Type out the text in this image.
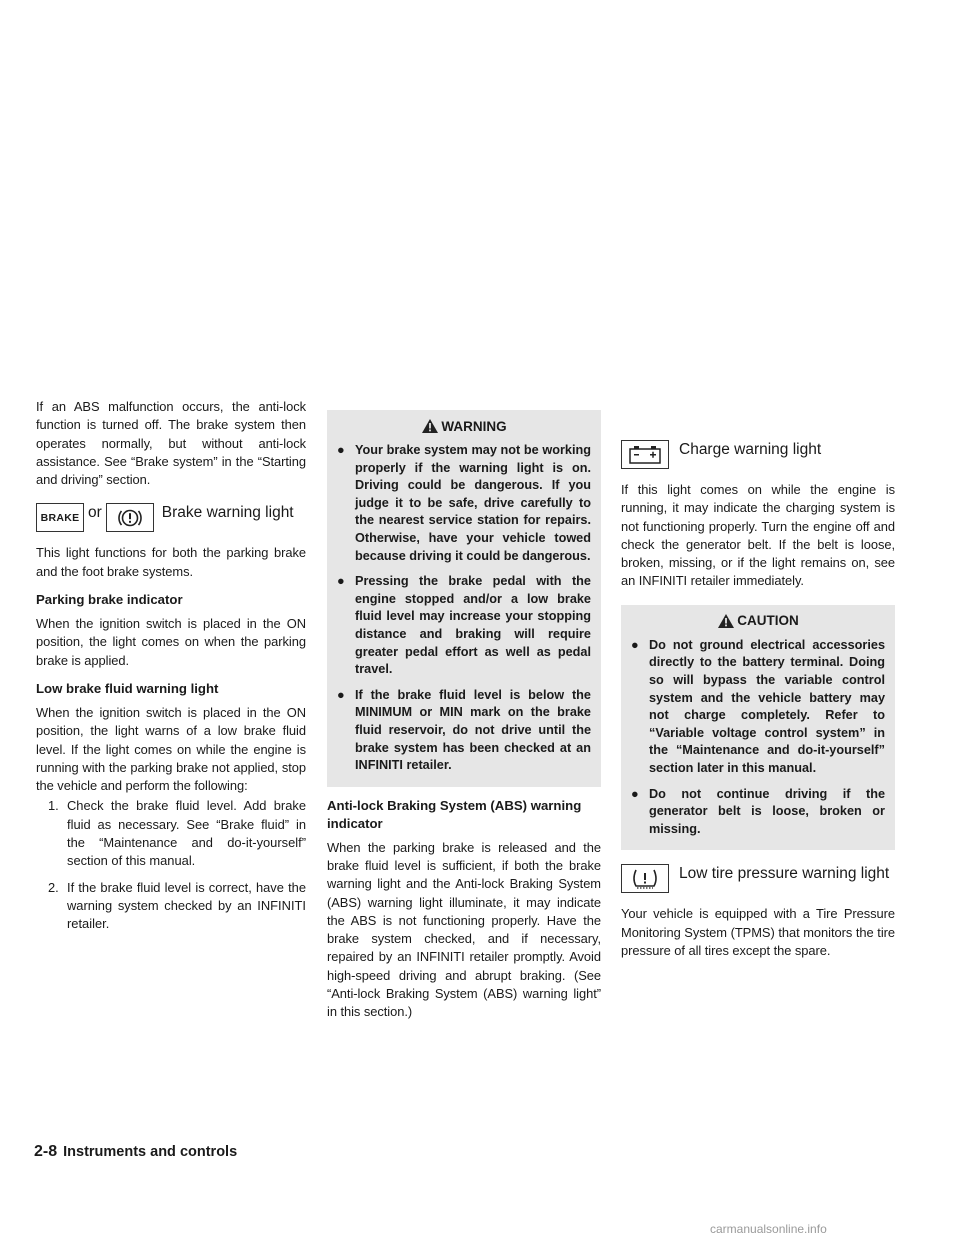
If an ABS malfunction occurs, the anti-lock function is turned off. The brake system then operates normally, but without anti-lock assistance. See “Brake system” in the “Starting and driving” section.

BRAKE or	Brake warning light

This light functions for both the parking brake and the foot brake systems.

Parking brake indicator

When the ignition switch is placed in the ON position, the light comes on when the parking brake is applied.

Low brake fluid warning light

When the ignition switch is placed in the ON position, the light warns of a low brake fluid level. If the light comes on while the engine is running with the parking brake not applied, stop the vehicle and perform the following:

1. Check the brake fluid level. Add brake fluid as necessary. See “Brake fluid” in the “Maintenance and do-it-yourself” section of this manual.
2. If the brake fluid level is correct, have the warning system checked by an INFINITI retailer.
WARNING
● Your brake system may not be working properly if the warning light is on. Driving could be dangerous. If you judge it to be safe, drive carefully to the nearest service station for repairs. Otherwise, have your vehicle towed because driving it could be dangerous.
● Pressing the brake pedal with the engine stopped and/or a low brake fluid level may increase your stopping distance and braking will require greater pedal effort as well as pedal travel.
● If the brake fluid level is below the MINIMUM or MIN mark on the brake fluid reservoir, do not drive until the brake system has been checked at an INFINITI retailer.
Anti-lock Braking System (ABS) warning indicator

When the parking brake is released and the brake fluid level is sufficient, if both the brake warning light and the Anti-lock Braking System (ABS) warning light illuminate, it may indicate the ABS is not functioning properly. Have the brake system checked, and if necessary, repaired by an INFINITI retailer promptly. Avoid high-speed driving and abrupt braking. (See “Anti-lock Braking System (ABS) warning light” in this section.)

Charge warning light

If this light comes on while the engine is running, it may indicate the charging system is not functioning properly. Turn the engine off and check the generator belt. If the belt is loose, broken, missing, or if the light remains on, see an INFINITI retailer immediately.

CAUTION
● Do not ground electrical accessories directly to the battery terminal. Doing so will bypass the variable control system and the vehicle battery may not charge completely. Refer to “Variable voltage control system” in the “Maintenance and do-it-yourself” section later in this manual.
● Do not continue driving if the generator belt is loose, broken or missing.
Low tire pressure warning light

Your vehicle is equipped with a Tire Pressure Monitoring System (TPMS) that monitors the tire pressure of all tires except the spare.

2-8 Instruments and controls
carmanualsonline.info
